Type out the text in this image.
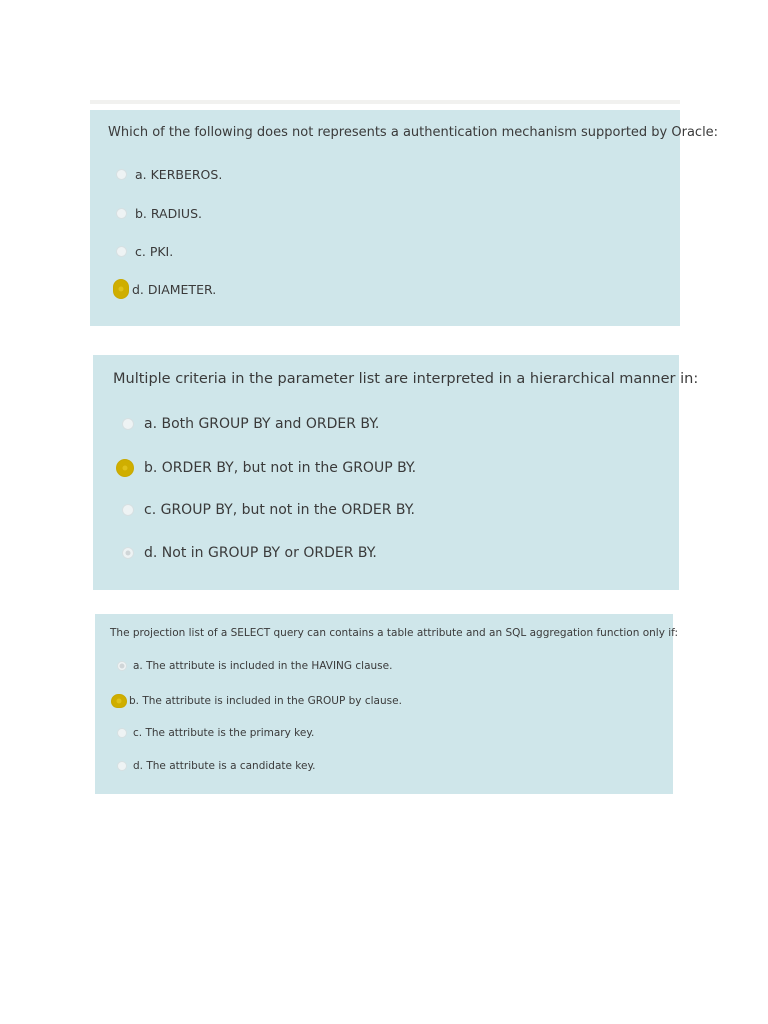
Which of the following does not represents a authentication mechanism supported by Oracle:
a. KERBEROS.
b. RADIUS.
c. PKI.
d. DIAMETER.
Multiple criteria in the parameter list are interpreted in a hierarchical manner in:
a. Both GROUP BY and ORDER BY.
b. ORDER BY, but not in the GROUP BY.
c. GROUP BY, but not in the ORDER BY.
d. Not in GROUP BY or ORDER BY.
The projection list of a SELECT query can contains a table attribute and an SQL aggregation function only if:
a. The attribute is included in the HAVING clause.
b. The attribute is included in the GROUP by clause.
c. The attribute is the primary key.
d. The attribute is a candidate key.
